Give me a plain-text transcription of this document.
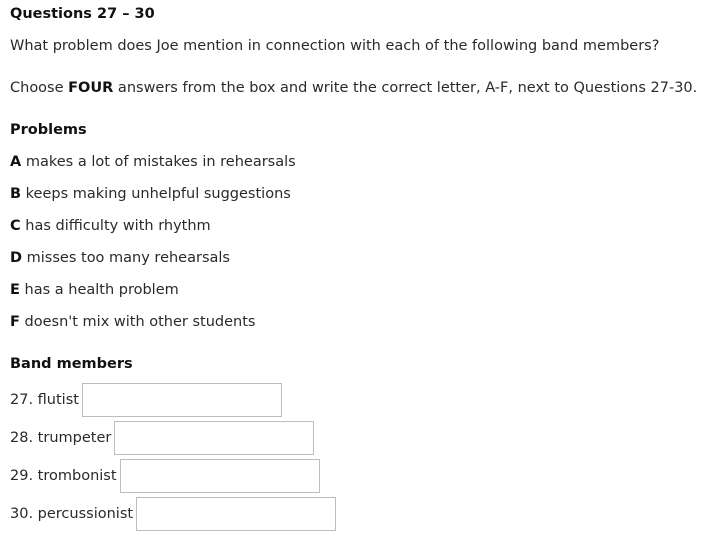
Questions 27 – 30
What problem does Joe mention in connection with each of the following band members?
Choose FOUR answers from the box and write the correct letter, A-F, next to Questions 27-30.
Problems
A makes a lot of mistakes in rehearsals
B keeps making unhelpful suggestions
C has difficulty with rhythm
D misses too many rehearsals
E has a health problem
F doesn't mix with other students
Band members
27. flutist
28. trumpeter
29. trombonist
30. percussionist
